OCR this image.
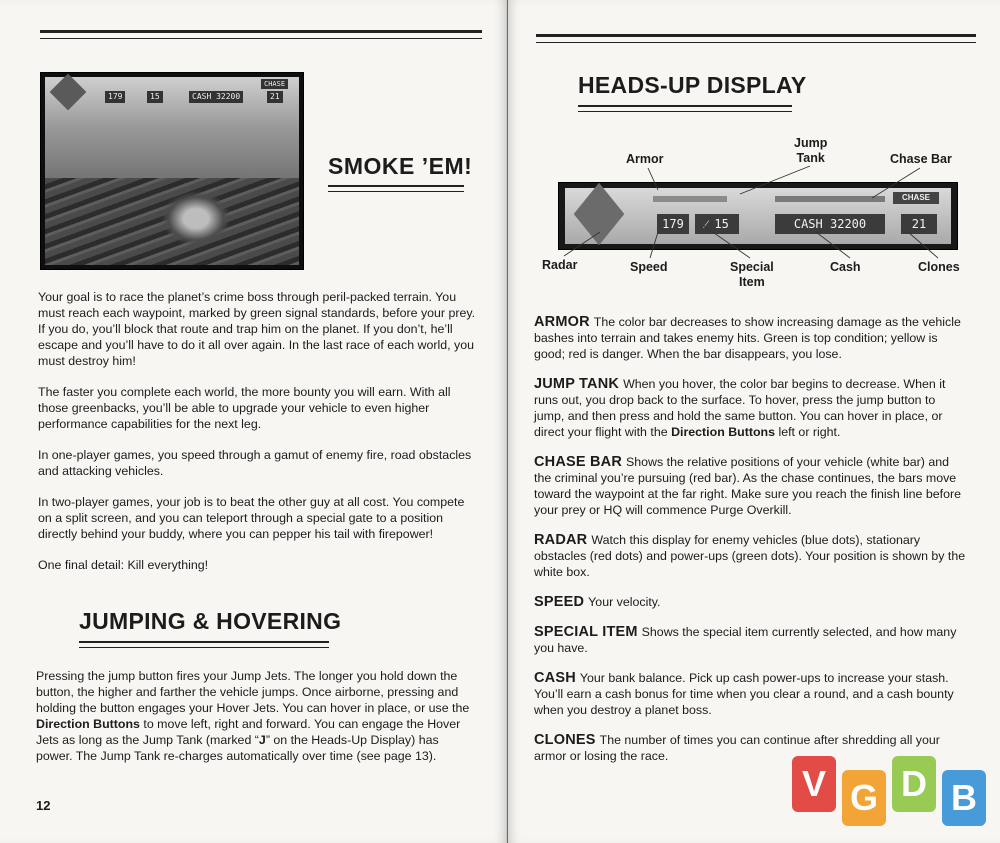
179	15	CASH 32200	21
CHASE
SMOKE ’EM!

Your goal is to race the planet’s crime boss through peril-packed terrain. You must reach each waypoint, marked by green signal standards, before your prey. If you do, you’ll block that route and trap him on the planet. If you don’t, he’ll escape and you’ll have to do it all over again. In the last race of each world, you must destroy him!

The faster you complete each world, the more bounty you will earn. With all those greenbacks, you’ll be able to upgrade your vehicle to even higher performance capabilities for the next leg.

In one-player games, you speed through a gamut of enemy fire, road obstacles and attacking vehicles.

In two-player games, your job is to beat the other guy at all cost. You compete on a split screen, and you can teleport through a special gate to a position directly behind your buddy, where you can pepper his tail with firepower!

One final detail: Kill everything!

JUMPING & HOVERING

Pressing the jump button fires your Jump Jets. The longer you hold down the button, the higher and farther the vehicle jumps. Once airborne, pressing and holding the button engages your Hover Jets. You can hover in place, or use the Direction Buttons to move left, right and forward. You can engage the Hover Jets as long as the Jump Tank (marked “J” on the Heads-Up Display) has power. The Jump Tank re-charges automatically over time (see page 13).

12
HEADS-UP DISPLAY
Jump
Tank
Armor	Chase Bar
Radar	Speed	Special
Item
Cash	Clones
CHASE
179	⁄ 15	CASH 32200	21

ARMOR The color bar decreases to show increasing damage as the vehicle bashes into terrain and takes enemy hits. Green is top condition; yellow is good; red is danger. When the bar disappears, you lose.

JUMP TANK When you hover, the color bar begins to decrease. When it runs out, you drop back to the surface. To hover, press the jump button to jump, and then press and hold the same button. You can hover in place, or direct your flight with the Direction Buttons left or right.

CHASE BAR Shows the relative positions of your vehicle (white bar) and the criminal you’re pursuing (red bar). As the chase continues, the bars move toward the waypoint at the far right. Make sure you reach the finish line before your prey or HQ will commence Purge Overkill.

RADAR Watch this display for enemy vehicles (blue dots), stationary obstacles (red dots) and power-ups (green dots). Your position is shown by the white box.

SPEED Your velocity.

SPECIAL ITEM Shows the special item currently selected, and how many you have.

CASH Your bank balance. Pick up cash power-ups to increase your stash. You’ll earn a cash bonus for time when you clear a round, and a cash bounty when you destroy a planet boss.

CLONES The number of times you can continue after shredding all your armor or losing the race.

V G D B
